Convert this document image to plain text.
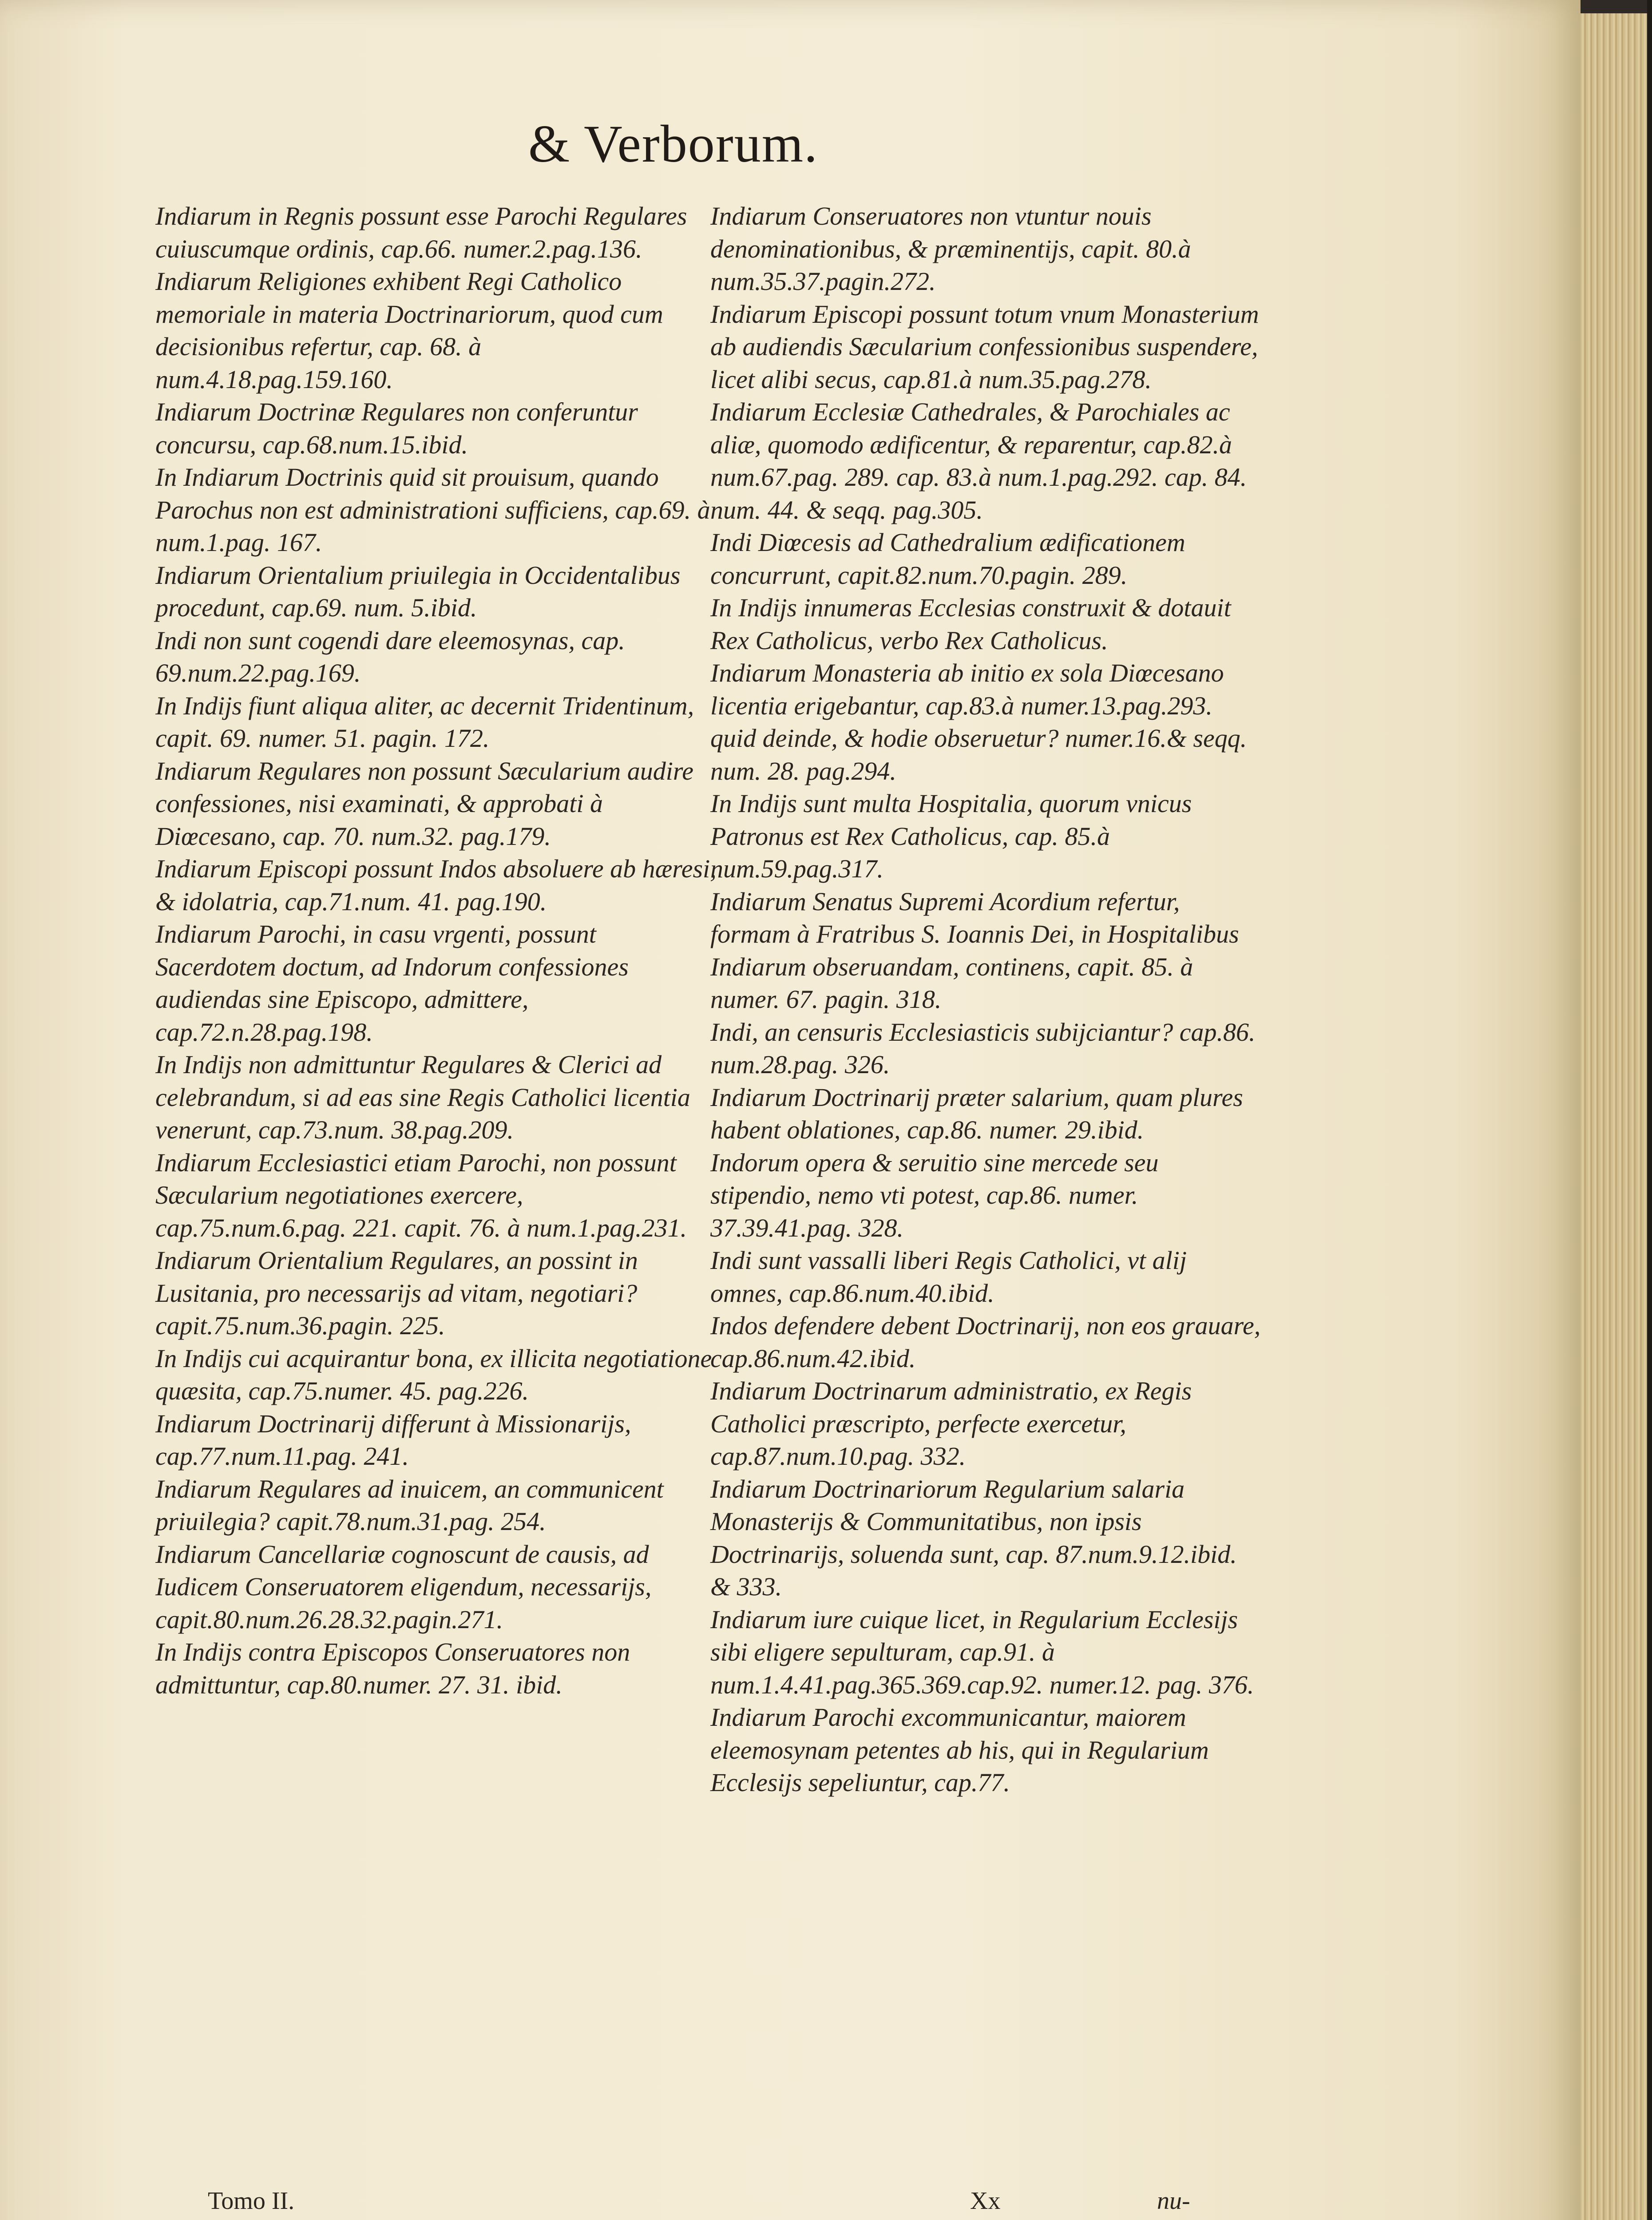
& Verborum.

Indiarum in Regnis possunt esse Parochi Regulares cuiuscumque ordinis, cap.66. numer.2.pag.136.

Indiarum Religiones exhibent Regi Catholico memoriale in materia Doctrinariorum, quod cum decisionibus refertur, cap. 68. à num.4.18.pag.159.160.

Indiarum Doctrinæ Regulares non conferuntur concursu, cap.68.num.15.ibid.

In Indiarum Doctrinis quid sit prouisum, quando Parochus non est administrationi sufficiens, cap.69. à num.1.pag. 167.

Indiarum Orientalium priuilegia in Occidentalibus procedunt, cap.69. num. 5.ibid.

Indi non sunt cogendi dare eleemosynas, cap. 69.num.22.pag.169.

In Indijs fiunt aliqua aliter, ac decernit Tridentinum, capit. 69. numer. 51. pagin. 172.

Indiarum Regulares non possunt Sæcularium audire confessiones, nisi examinati, & approbati à Diœcesano, cap. 70. num.32. pag.179.

Indiarum Episcopi possunt Indos absoluere ab hæresi, & idolatria, cap.71.num. 41. pag.190.

Indiarum Parochi, in casu vrgenti, possunt Sacerdotem doctum, ad Indorum confessiones audiendas sine Episcopo, admittere, cap.72.n.28.pag.198.

In Indijs non admittuntur Regulares & Clerici ad celebrandum, si ad eas sine Regis Catholici licentia venerunt, cap.73.num. 38.pag.209.

Indiarum Ecclesiastici etiam Parochi, non possunt Sæcularium negotiationes exercere, cap.75.num.6.pag. 221. capit. 76. à num.1.pag.231.

Indiarum Orientalium Regulares, an possint in Lusitania, pro necessarijs ad vitam, negotiari? capit.75.num.36.pagin. 225.

In Indijs cui acquirantur bona, ex illicita negotiatione quæsita, cap.75.numer. 45. pag.226.

Indiarum Doctrinarij differunt à Missionarijs, cap.77.num.11.pag. 241.

Indiarum Regulares ad inuicem, an communicent priuilegia? capit.78.num.31.pag. 254.

Indiarum Cancellariæ cognoscunt de causis, ad Iudicem Conseruatorem eligendum, necessarijs, capit.80.num.26.28.32.pagin.271.

In Indijs contra Episcopos Conseruatores non admittuntur, cap.80.numer. 27. 31. ibid.

Indiarum Conseruatores non vtuntur nouis denominationibus, & præminentijs, capit. 80.à num.35.37.pagin.272.

Indiarum Episcopi possunt totum vnum Monasterium ab audiendis Sæcularium confessionibus suspendere, licet alibi secus, cap.81.à num.35.pag.278.

Indiarum Ecclesiæ Cathedrales, & Parochiales ac aliæ, quomodo ædificentur, & reparentur, cap.82.à num.67.pag. 289. cap. 83.à num.1.pag.292. cap. 84. num. 44. & seqq. pag.305.

Indi Diœcesis ad Cathedralium ædificationem concurrunt, capit.82.num.70.pagin. 289.

In Indijs innumeras Ecclesias construxit & dotauit Rex Catholicus, verbo Rex Catholicus.

Indiarum Monasteria ab initio ex sola Diœcesano licentia erigebantur, cap.83.à numer.13.pag.293. quid deinde, & hodie obseruetur? numer.16.& seqq. num. 28. pag.294.

In Indijs sunt multa Hospitalia, quorum vnicus Patronus est Rex Catholicus, cap. 85.à num.59.pag.317.

Indiarum Senatus Supremi Acordium refertur, formam à Fratribus S. Ioannis Dei, in Hospitalibus Indiarum obseruandam, continens, capit. 85. à numer. 67. pagin. 318.

Indi, an censuris Ecclesiasticis subijciantur? cap.86. num.28.pag. 326.

Indiarum Doctrinarij præter salarium, quam plures habent oblationes, cap.86. numer. 29.ibid.

Indorum opera & seruitio sine mercede seu stipendio, nemo vti potest, cap.86. numer. 37.39.41.pag. 328.

Indi sunt vassalli liberi Regis Catholici, vt alij omnes, cap.86.num.40.ibid.

Indos defendere debent Doctrinarij, non eos grauare, cap.86.num.42.ibid.

Indiarum Doctrinarum administratio, ex Regis Catholici præscripto, perfecte exercetur, cap.87.num.10.pag. 332.

Indiarum Doctrinariorum Regularium salaria Monasterijs & Communitatibus, non ipsis Doctrinarijs, soluenda sunt, cap. 87.num.9.12.ibid. & 333.

Indiarum iure cuique licet, in Regularium Ecclesijs sibi eligere sepulturam, cap.91. à num.1.4.41.pag.365.369.cap.92. numer.12. pag. 376.

Indiarum Parochi excommunicantur, maiorem eleemosynam petentes ab his, qui in Regularium Ecclesijs sepeliuntur, cap.77.

Tomo II.	Xx	nu-
